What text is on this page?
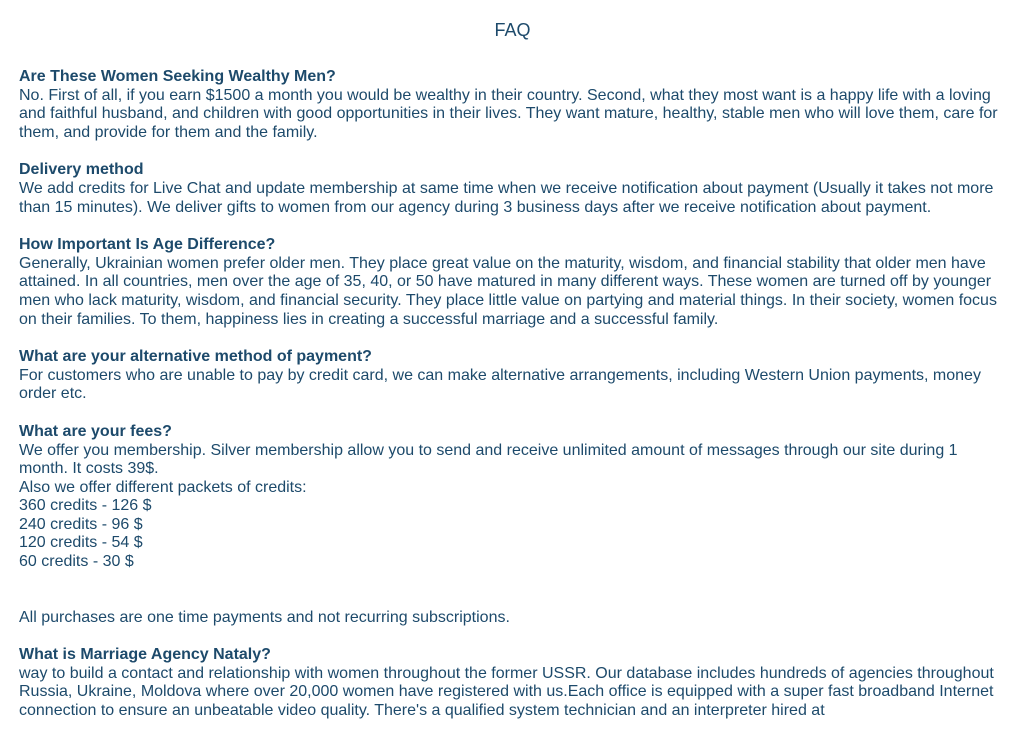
FAQ
Are These Women Seeking Wealthy Men?
No. First of all, if you earn $1500 a month you would be wealthy in their country. Second, what they most want is a happy life with a loving and faithful husband, and children with good opportunities in their lives. They want mature, healthy, stable men who will love them, care for them, and provide for them and the family.
Delivery method
We add credits for Live Chat and update membership at same time when we receive notification about payment (Usually it takes not more than 15 minutes). We deliver gifts to women from our agency during 3 business days after we receive notification about payment.
How Important Is Age Difference?
Generally, Ukrainian women prefer older men. They place great value on the maturity, wisdom, and financial stability that older men have attained. In all countries, men over the age of 35, 40, or 50 have matured in many different ways. These women are turned off by younger men who lack maturity, wisdom, and financial security. They place little value on partying and material things. In their society, women focus on their families. To them, happiness lies in creating a successful marriage and a successful family.
What are your alternative method of payment?
For customers who are unable to pay by credit card, we can make alternative arrangements, including Western Union payments, money order etc.
What are your fees?
We offer you membership. Silver membership allow you to send and receive unlimited amount of messages through our site during 1 month. It costs 39$.
Also we offer different packets of credits:
360 credits - 126 $
240 credits - 96 $
120 credits - 54 $
60 credits - 30 $
All purchases are one time payments and not recurring subscriptions.
What is Marriage Agency Nataly?
way to build a contact and relationship with women throughout the former USSR. Our database includes hundreds of agencies throughout Russia, Ukraine, Moldova where over 20,000 women have registered with us.Each office is equipped with a super fast broadband Internet connection to ensure an unbeatable video quality. There's a qualified system technician and an interpreter hired at
